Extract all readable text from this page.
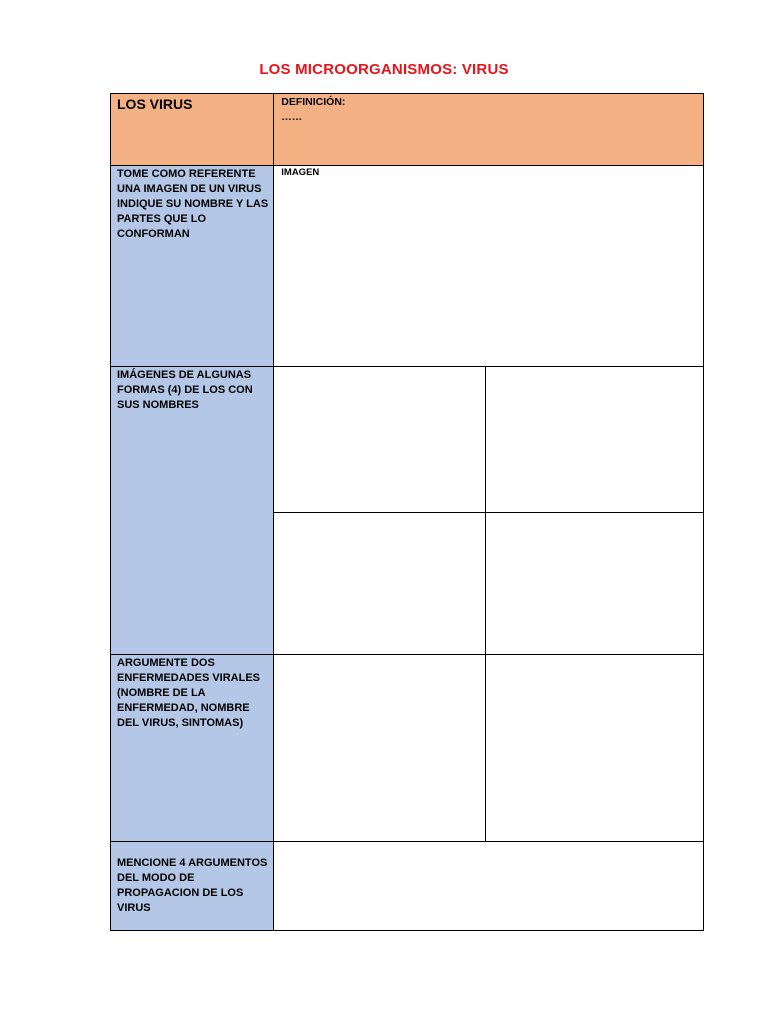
LOS MICROORGANISMOS: VIRUS
LOS VIRUS	DEFINICIÓN:
……	

TOME COMO REFERENTE UNA IMAGEN DE UN VIRUS INDIQUE SU NOMBRE Y LAS PARTES QUE LO CONFORMAN	IMAGEN	

IMÁGENES DE ALGUNAS FORMAS (4) DE LOS CON SUS NOMBRES		

ARGUMENTE DOS ENFERMEDADES VIRALES (NOMBRE DE LA ENFERMEDAD, NOMBRE DEL VIRUS, SINTOMAS)		

MENCIONE 4 ARGUMENTOS DEL MODO DE PROPAGACION DE LOS VIRUS		
